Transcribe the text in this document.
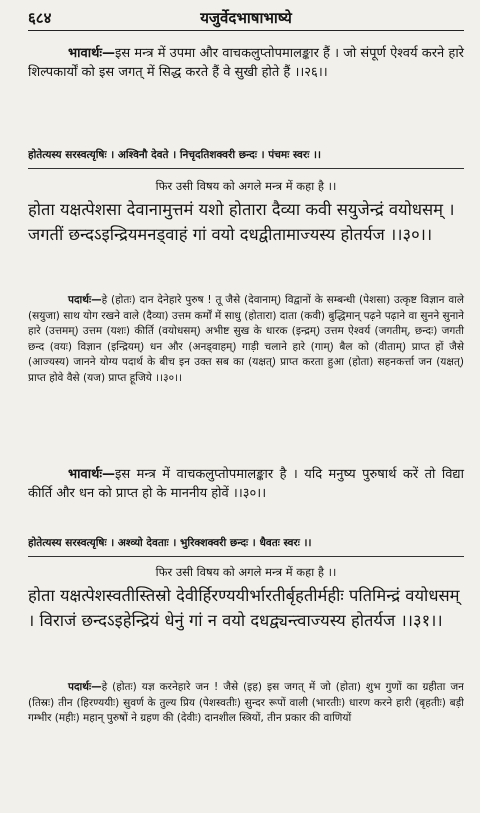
६८४	यजुर्वेदभाषाभाष्ये
भावार्थः—इस मन्त्र में उपमा और वाचकलुप्तोपमालङ्कार हैं । जो संपूर्ण ऐश्वर्य करने हारे शिल्पकार्यों को इस जगत् में सिद्ध करते हैं वे सुखी होते हैं ।।२६।।
होतेत्यस्य सरस्वत्यृषिः । अश्विनौ देवते । निचृदतिशक्वरी छन्दः । पंचमः स्वरः ।।
फिर उसी विषय को अगले मन्त्र में कहा है ।।
होता यक्षत्पेशसा देवानामुत्तमं यशो होतारा दैव्या कवी सयुजेन्द्रं वयोधसम् । जगतीं छन्दऽइन्द्रियमनड्वाहं गां वयो दधद्वीतामाज्यस्य होतर्यज ।।३०।।
पदार्थः—हे (होतः) दान देनेहारे पुरुष ! तू जैसे (देवानाम्) विद्वानों के सम्बन्धी (पेशसा) उत्कृष्ट विज्ञान वाले (सयुजा) साथ योग रखने वाले (दैव्या) उत्तम कर्मों में साधु (होतारा) दाता (कवी) बुद्धिमान् पढ़ने पढ़ाने वा सुनने सुनाने हारे (उत्तमम्) उत्तम (यशः) कीर्ति (वयोधसम्) अभीष्ट सुख के धारक (इन्द्रम्) उत्तम ऐश्वर्य (जगतीम्, छन्दः) जगती छन्द (वयः) विज्ञान (इन्द्रियम्) धन और (अनड्वाहम्) गाड़ी चलाने हारे (गाम्) बैल को (वीताम्) प्राप्त हों जैसे (आज्यस्य) जानने योग्य पदार्थ के बीच इन उक्त सब का (यक्षत्) प्राप्त करता हुआ (होता) सहनकर्त्ता जन (यक्षत्) प्राप्त होवे वैसे (यज) प्राप्त हूजिये ।।३०।।
भावार्थः—इस मन्त्र में वाचकलुप्तोपमालङ्कार है । यदि मनुष्य पुरुषार्थ करें तो विद्या कीर्ति और धन को प्राप्त हो के माननीय होवें ।।३०।।
होतेत्यस्य सरस्वत्यृषिः । अश्व्यो देवताः । भुरिक्शक्वरी छन्दः । धैवतः स्वरः ।।
फिर उसी विषय को अगले मन्त्र में कहा है ।।
होता यक्षत्पेशस्वतीस्तिस्रो देवीर्हिरण्ययीर्भारतीर्बृहतीर्महीः पतिमिन्द्रं वयोधसम् । विराजं छन्दऽइहेन्द्रियं धेनुं गां न वयो दधद्व्यन्त्वाज्यस्य होतर्यज ।।३१।।
पदार्थः—हे (होतः) यज्ञ करनेहारे जन ! जैसे (इह) इस जगत् में जो (होता) शुभ गुणों का ग्रहीता जन (तिस्रः) तीन (हिरण्ययीः) सुवर्ण के तुल्य प्रिय (पेशस्वतीः) सुन्दर रूपों वाली (भारतीः) धारण करने हारी (बृहतीः) बड़ी गम्भीर (महीः) महान् पुरुषों ने ग्रहण की (देवीः) दानशील स्त्रियों, तीन प्रकार की वाणियों
